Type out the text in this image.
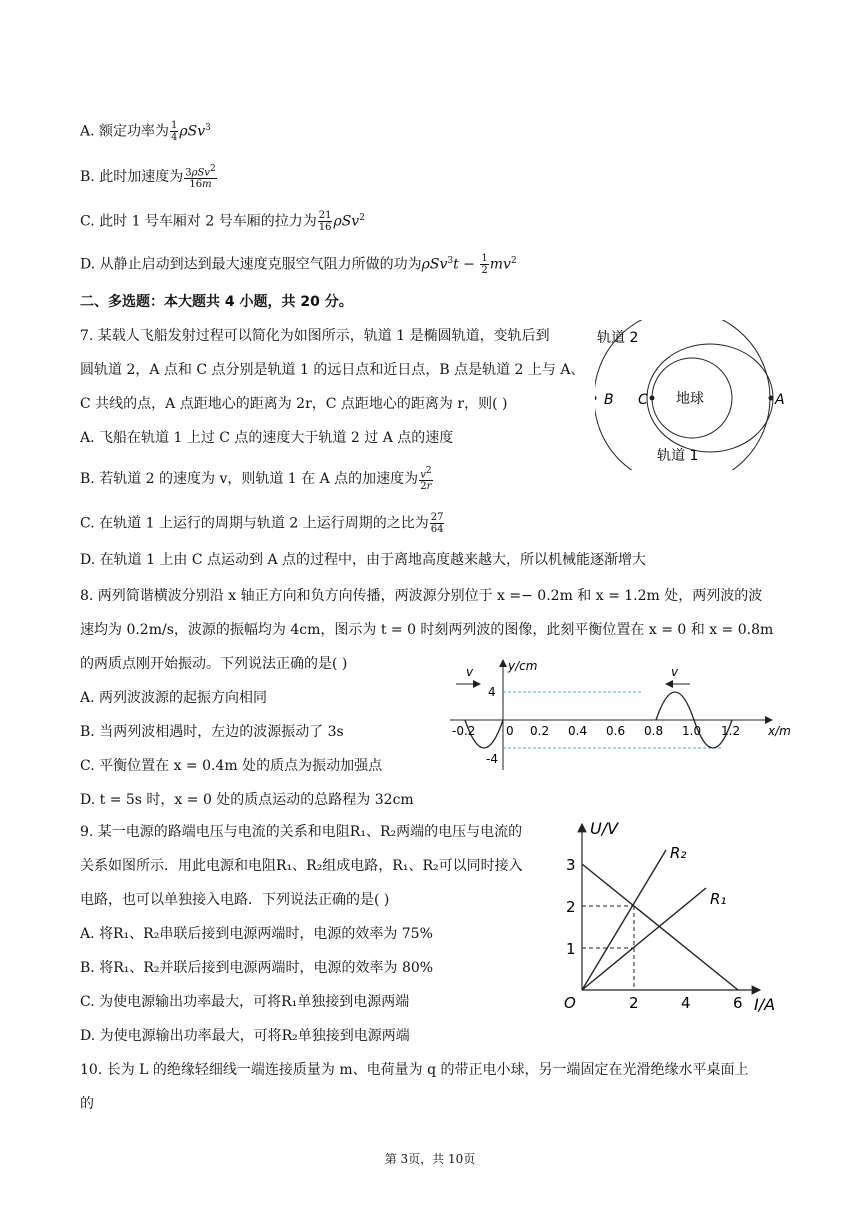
A. 额定功率为 $\frac{1}{4} \rho Sv^3$
B. 此时加速度为 $\frac{3\rho Sv^2}{16m}$
C. 此时 1 号车厢对 2 号车厢的拉力为 $\frac{21}{16} \rho Sv^2$
D. 从静止启动到达到最大速度克服空气阻力所做的功为$\rho Sv^3t - \frac{1}{2} mv^2$
二、多选题：本大题共 4 小题，共 20 分。
7. 某载人飞船发射过程可以简化为如图所示，轨道 1 是椭圆轨道，变轨后到
圆轨道 2，A 点和 C 点分别是轨道 1 的远日点和近日点，B 点是轨道 2 上与 A、
C 共线的点，A 点距地心的距离为 2r，C 点距地心的距离为 r，则( )
A. 飞船在轨道 1 上过 C 点的速度大于轨道 2 过 A 点的速度
B. 若轨道 2 的速度为 v，则轨道 1 在 A 点的加速度为 $\frac{v^2}{2r}$
C. 在轨道 1 上运行的周期与轨道 2 上运行周期的之比为 $\frac{27}{64}$
D. 在轨道 1 上由 C 点运动到 A 点的过程中，由于离地高度越来越大，所以机械能逐渐增大
轨道 2
轨道 1
地球
B C	A
8. 两列简谐横波分别沿 x 轴正方向和负方向传播，两波源分别位于 x =− 0.2m 和 x = 1.2m 处，两列波的波
速均为 0.2m/s，波源的振幅均为 4cm，图示为 t = 0 时刻两列波的图像，此刻平衡位置在 x = 0 和 x = 0.8m
的两质点刚开始振动。下列说法正确的是( )
A. 两列波波源的起振方向相同
B. 当两列波相遇时，左边的波源振动了 3s
C. 平衡位置在 x = 0.4m 处的质点为振动加强点
D. t = 5s 时，x = 0 处的质点运动的总路程为 32cm
v	v
y/cm
x/m
4
-4
-0.2	0 0.2 0.4 0.6 0.8 1.0 1.2
9. 某一电源的路端电压与电流的关系和电阻R₁、R₂两端的电压与电流的
关系如图所示．用此电源和电阻R₁、R₂组成电路，R₁、R₂可以同时接入
电路，也可以单独接入电路．下列说法正确的是( )
A. 将R₁、R₂串联后接到电源两端时，电源的效率为 75%
B. 将R₁、R₂并联后接到电源两端时，电源的效率为 80%
C. 为使电源输出功率最大，可将R₁单独接到电源两端
D. 为使电源输出功率最大，可将R₂单独接到电源两端
U/V
I/A
O
R₂
R₁
1
2
3
2	4	6
10. 长为 L 的绝缘轻细线一端连接质量为 m、电荷量为 q 的带正电小球，另一端固定在光滑绝缘水平桌面上
的
第 3页，共 10页
